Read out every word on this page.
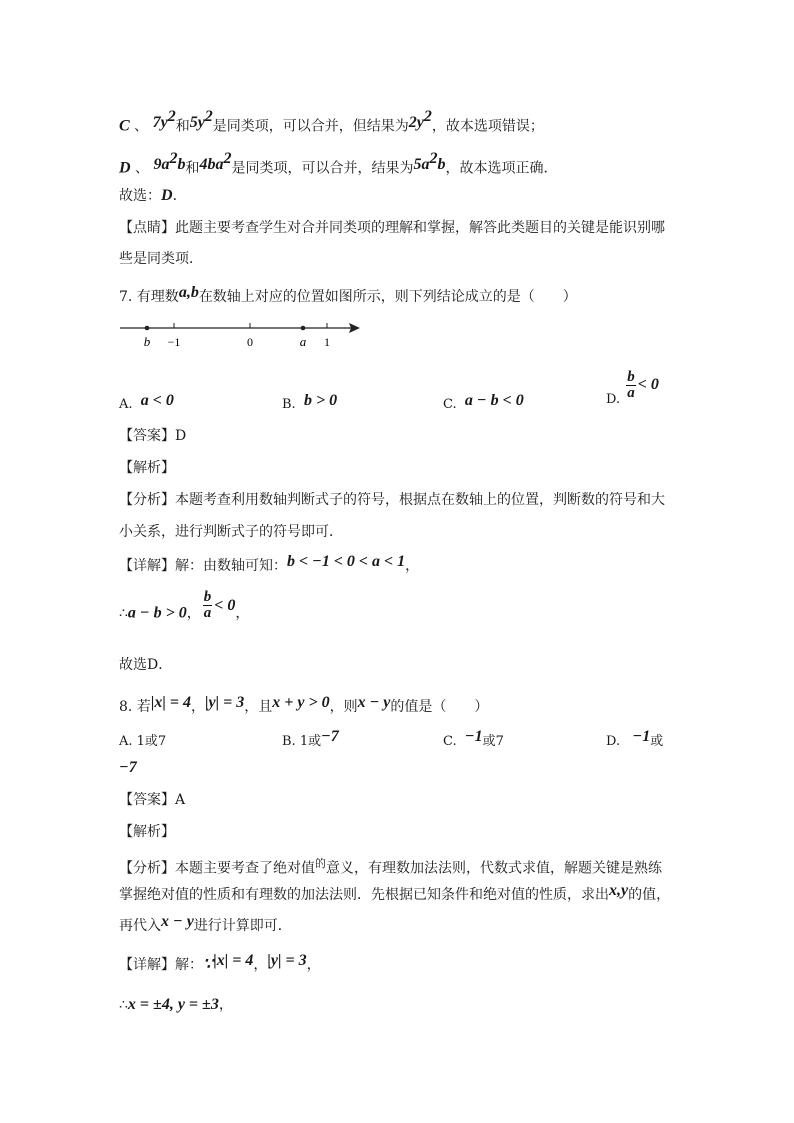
C 、 $7y^2$和$5y^2$是同类项，可以合并，但结果为$2y^2$，故本选项错误；
D 、 $9a^2b$和$4ba^2$是同类项，可以合并，结果为$5a^2b$，故本选项正确．
故选：D．
【点睛】此题主要考查学生对合并同类项的理解和掌握，解答此类题目的关键是能识别哪
些是同类项．
7. 有理数a,b在数轴上对应的位置如图所示，则下列结论成立的是（　　）
b −1	0	a 1
A. a < 0	B. b > 0	C. a − b < 0	D. $\frac{b}{a} < 0$
【答案】D
【解析】
【分析】本题考查利用数轴判断式子的符号，根据点在数轴上的位置，判断数的符号和大
小关系，进行判断式子的符号即可．
【详解】解：由数轴可知：b < −1 < 0 < a < 1，
∴a − b > 0， $\frac{b}{a} < 0$，
故选D．
8. 若|x| = 4，|y| = 3，且x + y > 0，则x − y的值是（　　）
A. 1或7	B. 1或−7	C. −1或7	D. −1或
−7
【答案】A
【解析】
【分析】本题主要考查了绝对值$^的$意义，有理数加法法则，代数式求值，解题关键是熟练
掌握绝对值的性质和有理数的加法法则．先根据已知条件和绝对值的性质，求出x,y的值，
再代入x − y进行计算即可．
【详解】解：∵|x| = 4，|y| = 3，
∴x = ±4, y = ±3，
